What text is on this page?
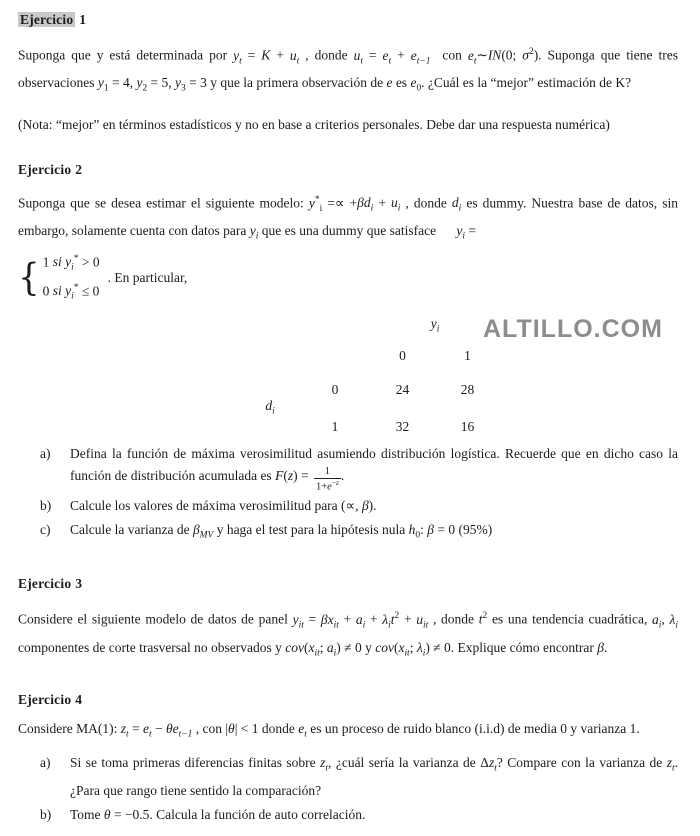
Ejercicio 1

Suponga que y está determinada por $y_t = K + u_t$ , donde $u_t = e_t + e_{t-1}$  con $e_t\sim IN(0$; $\sigma^2$). Suponga que tiene tres observaciones $y_1 = 4$, $y_2 = 5$, $y_3 = 3$ y que la primera observación de e es $e_0$. ¿Cuál es la “mejor” estimación de K?

(Nota: “mejor” en términos estadísticos y no en base a criterios personales. Debe dar una respuesta numérica)

Ejercicio 2

Suponga que se desea estimar el siguiente modelo: $y^*_i =\propto +\beta d_i + u_i$ , donde $d_i$ es dummy. Nuestra base de datos, sin embargo, solamente cuenta con datos para $y_i$ que es una dummy que satisface      $y_i$ =

{ 1 si $y_i^* > 0$
0 si $y_i^* \le 0$
. En particular,
ALTILLO.COM
$y_i$
0	1
$d_i$
0	24	28
1	32	16
a)	Defina la función de máxima verosimilitud asumiendo distribución logística. Recuerde que en dicho caso la función de distribución acumulada es $F(z) = \frac{1}{1+e^{-z}}$ .
b)	Calcule los valores de máxima verosimilitud para (∝, β).
c)	Calcule la varianza de $\beta_{MV}$ y haga el test para la hipótesis nula $h_0$: β = 0 (95%)
Ejercicio 3

Considere el siguiente modelo de datos de panel $y_{it} = \beta x_{it} + a_i + \lambda_it^2 + u_{it}$ , donde $t^2$ es una tendencia cuadrática, $a_i$, $\lambda_i$ componentes de corte trasversal no observados y $cov(x_{it}$; $a_i) \ne 0$ y $cov(x_{it}$; $\lambda_i) \ne 0$. Explique cómo encontrar β.

Ejercicio 4

Considere MA(1): $z_t = e_t - \theta e_{t-1}$ , con |θ| < 1 donde $e_t$ es un proceso de ruido blanco (i.i.d) de media 0 y varianza 1.

a)	Si se toma primeras diferencias finitas sobre $z_t$, ¿cuál sería la varianza de $\Delta z_t$? Compare con la varianza de $z_t$. ¿Para que rango tiene sentido la comparación?
b)	Tome θ = −0.5. Calcula la función de auto correlación.
